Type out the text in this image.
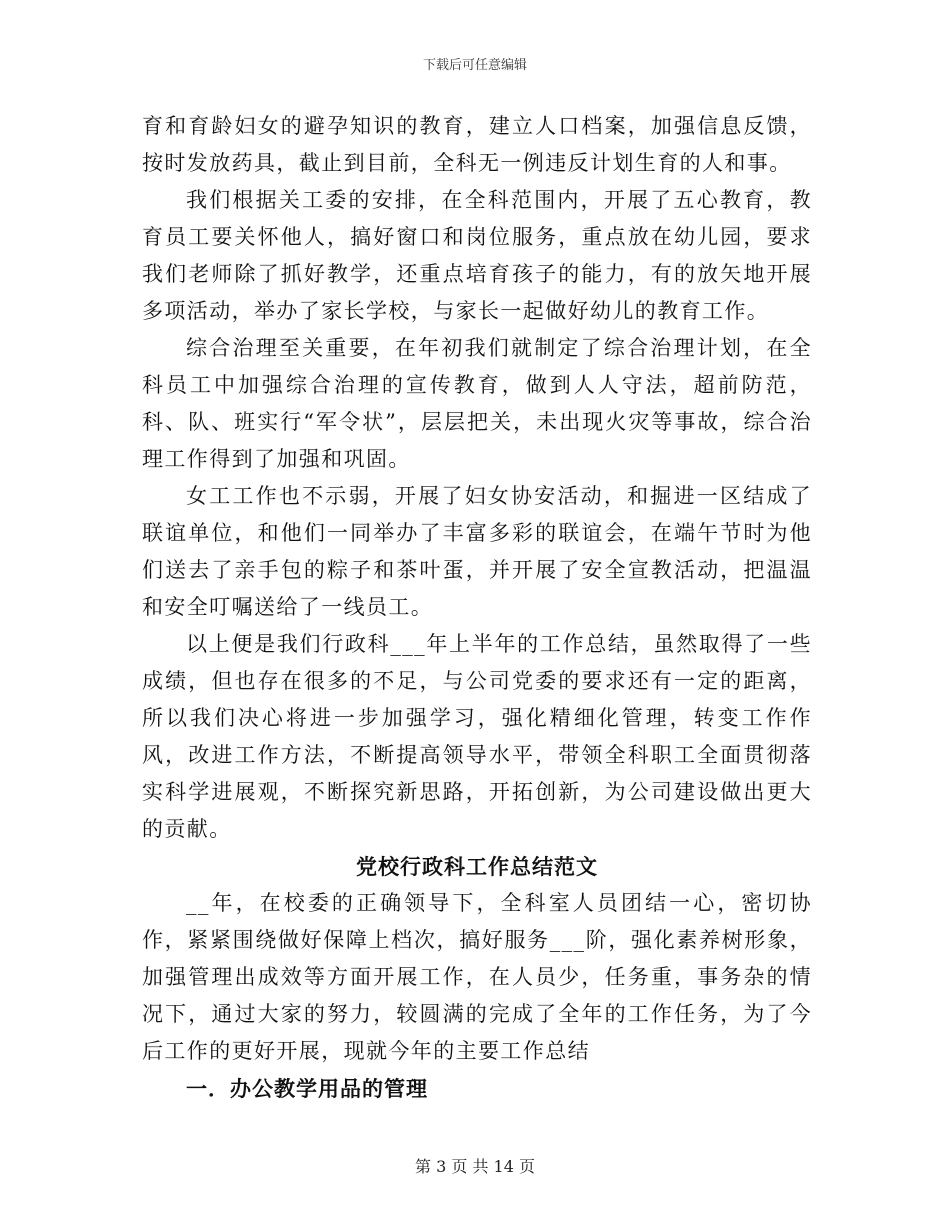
下载后可任意编辑

育和育龄妇女的避孕知识的教育，建立人口档案，加强信息反馈，按时发放药具，截止到目前，全科无一例违反计划生育的人和事。

我们根据关工委的安排，在全科范围内，开展了五心教育，教育员工要关怀他人，搞好窗口和岗位服务，重点放在幼儿园，要求我们老师除了抓好教学，还重点培育孩子的能力，有的放矢地开展多项活动，举办了家长学校，与家长一起做好幼儿的教育工作。

综合治理至关重要，在年初我们就制定了综合治理计划，在全科员工中加强综合治理的宣传教育，做到人人守法，超前防范，科、队、班实行“军令状”，层层把关，未出现火灾等事故，综合治理工作得到了加强和巩固。

女工工作也不示弱，开展了妇女协安活动，和掘进一区结成了联谊单位，和他们一同举办了丰富多彩的联谊会，在端午节时为他们送去了亲手包的粽子和茶叶蛋，并开展了安全宣教活动，把温温和安全叮嘱送给了一线员工。

以上便是我们行政科___年上半年的工作总结，虽然取得了一些成绩，但也存在很多的不足，与公司党委的要求还有一定的距离，所以我们决心将进一步加强学习，强化精细化管理，转变工作作风，改进工作方法，不断提高领导水平，带领全科职工全面贯彻落实科学进展观，不断探究新思路，开拓创新，为公司建设做出更大的贡献。

党校行政科工作总结范文

__年，在校委的正确领导下，全科室人员团结一心，密切协作，紧紧围绕做好保障上档次，搞好服务___阶，强化素养树形象，加强管理出成效等方面开展工作，在人员少，任务重，事务杂的情况下，通过大家的努力，较圆满的完成了全年的工作任务，为了今后工作的更好开展，现就今年的主要工作总结

一．办公教学用品的管理

第 3 页 共 14 页
